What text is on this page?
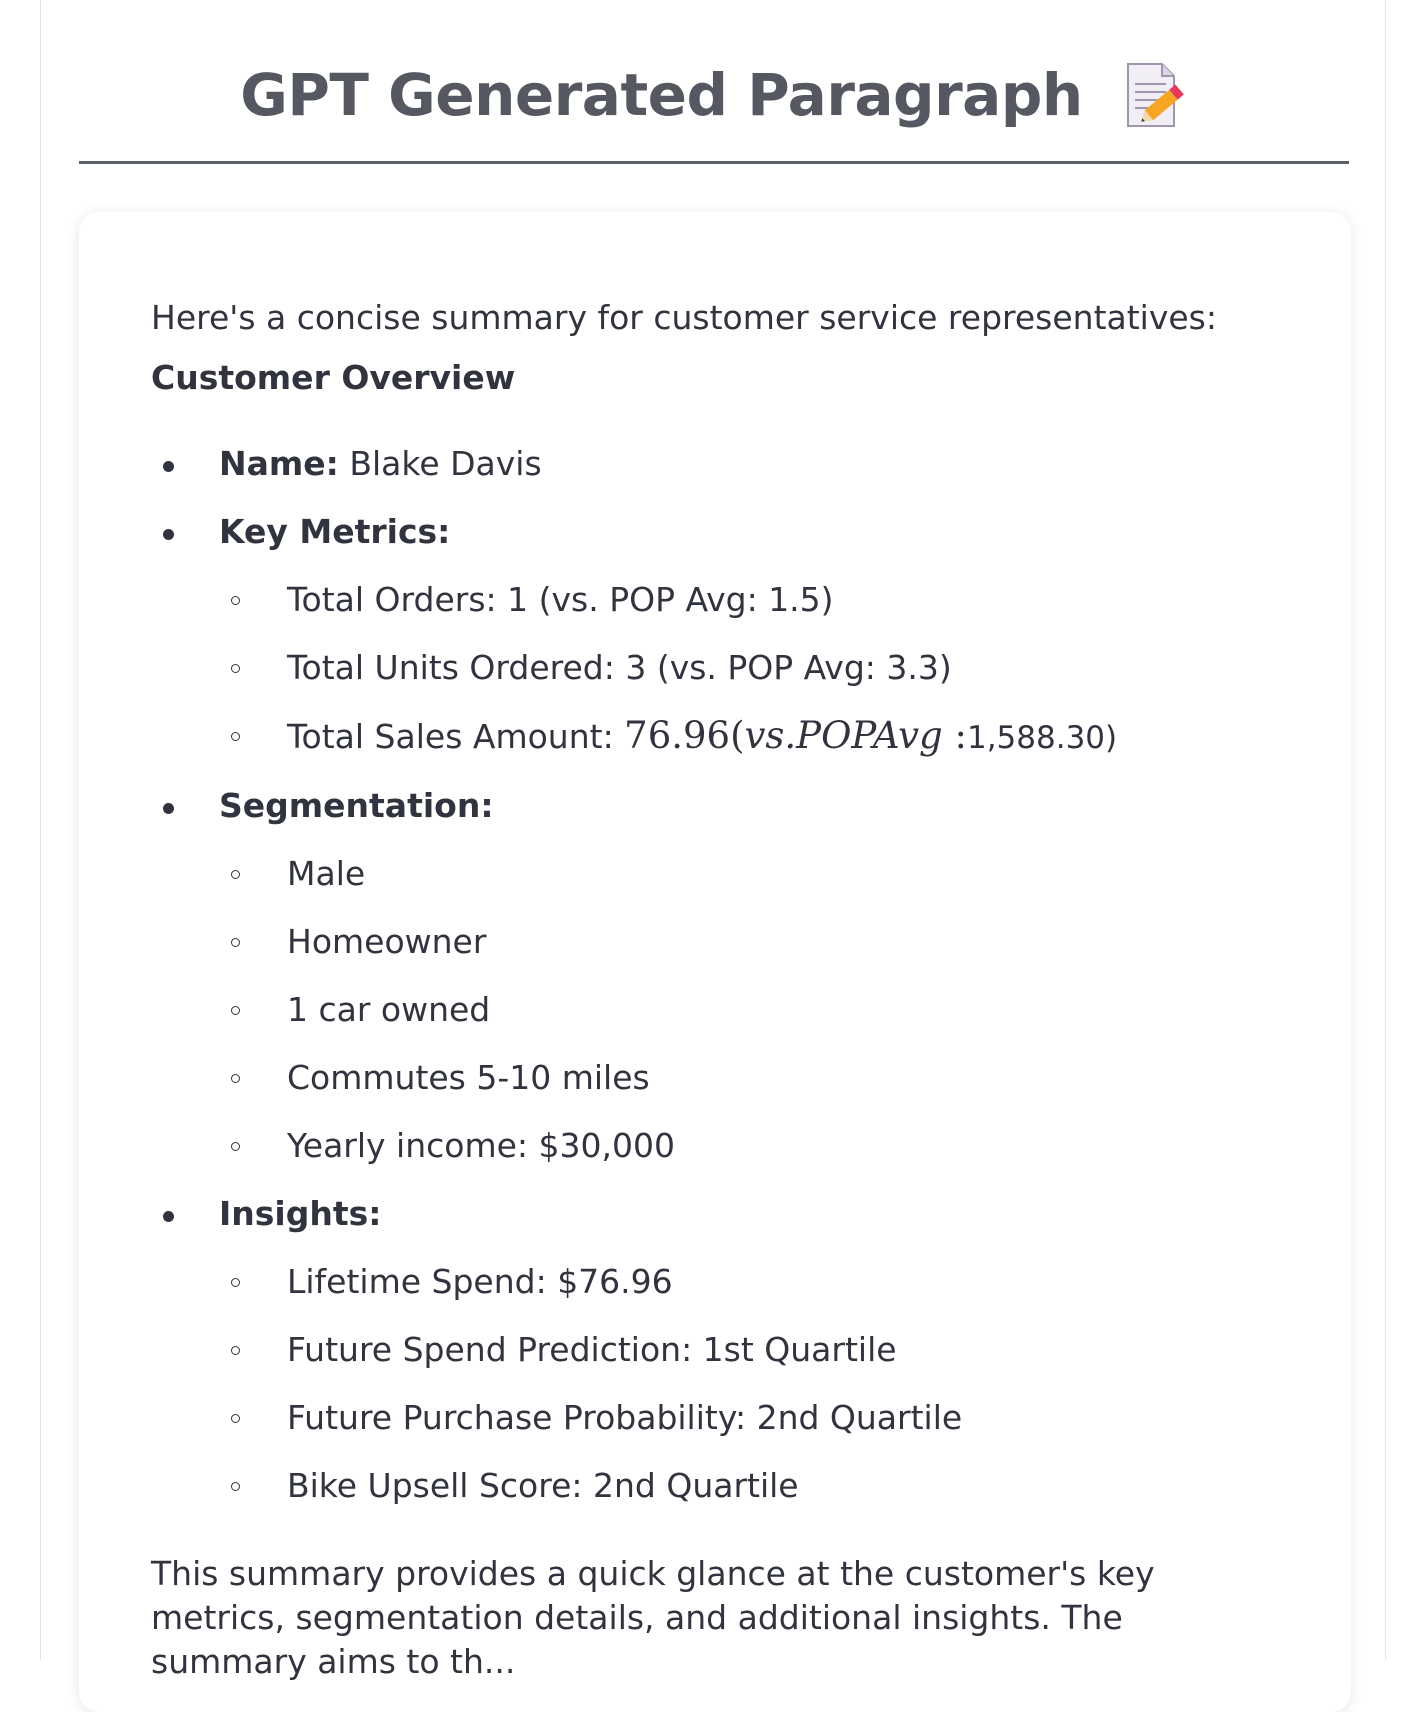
GPT Generated Paragraph

Here's a concise summary for customer service representatives:

Customer Overview

Name: Blake Davis
Key Metrics:
Total Orders: 1 (vs. POP Avg: 1.5)
Total Units Ordered: 3 (vs. POP Avg: 3.3)
Total Sales Amount: 76.96(vs.POPAvg :1,588.30)
Segmentation:
Male
Homeowner
1 car owned
Commutes 5-10 miles
Yearly income: $30,000
Insights:
Lifetime Spend: $76.96
Future Spend Prediction: 1st Quartile
Future Purchase Probability: 2nd Quartile
Bike Upsell Score: 2nd Quartile

This summary provides a quick glance at the customer's key metrics, segmentation details, and additional insights. The summary aims to th...
